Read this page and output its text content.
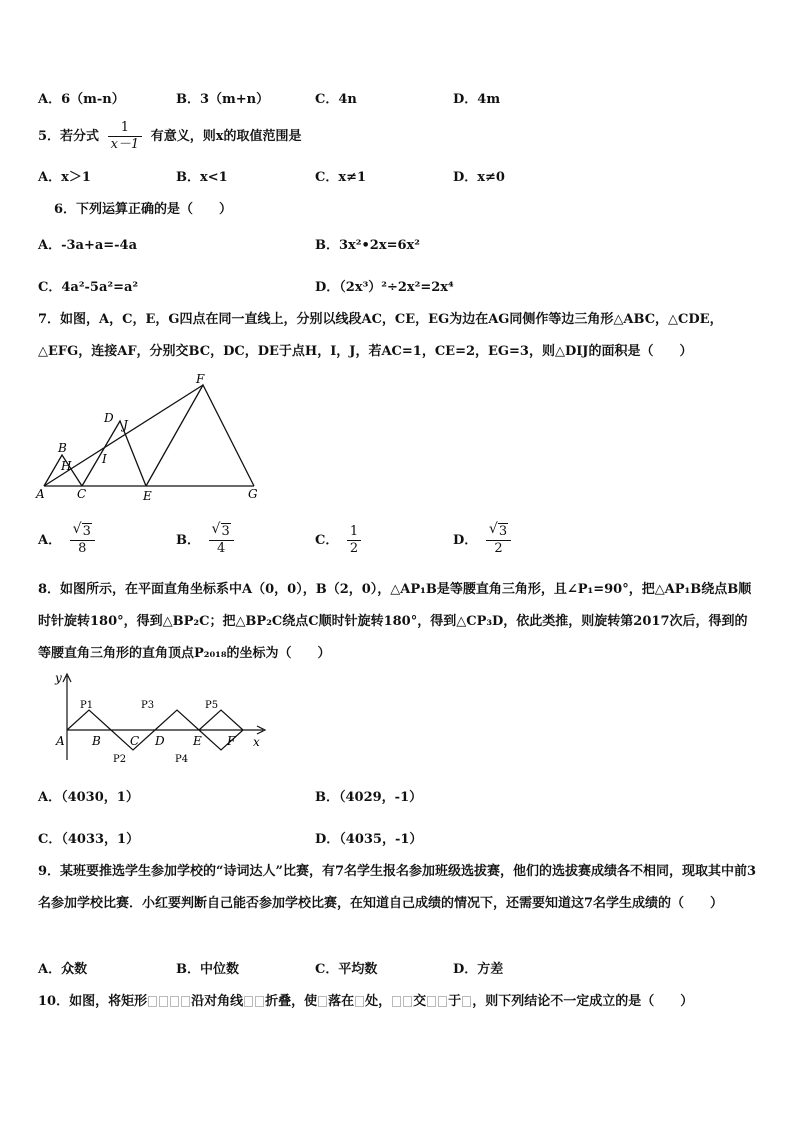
A．6（m-n）	B．3（m+n）	C．4n	D．4m
5．若分式 $\frac{1}{x-1}$ 有意义，则x的取值范围是
A．x＞1	B．x<1	C．x≠1	D．x≠0
6．下列运算正确的是（　　）
A．-3a+a=-4a	B．3x²•2x=6x²
C．4a²-5a²=a²	D．（2x³）²÷2x²=2x⁴
7．如图，A，C，E，G四点在同一直线上，分别以线段AC，CE，EG为边在AG同侧作等边三角形△ABC，△CDE，△EFG，连接AF，分别交BC，DC，DE于点H，I，J，若AC=1，CE=2，EG=3，则△DIJ的面积是（　　）
A
B
C
D
E
F
G
H	I
J
A． $\frac{√ 3}{8}$	B． $\frac{√ 3}{4}$	C． $\frac{1}{2}$	D． $\frac{√ 3}{2}$
8．如图所示，在平面直角坐标系中A（0，0），B（2，0），△AP₁B是等腰直角三角形，且∠P₁=90°，把△AP₁B绕点B顺时针旋转180°，得到△BP₂C；把△BP₂C绕点C顺时针旋转180°，得到△CP₃D，依此类推，则旋转第2017次后，得到的等腰直角三角形的直角顶点P₂₀₁₈的坐标为（　　）
y
x
A B C D E F
P1
P2
P3
P4
P5
A．（4030，1）	B．（4029，-1）
C．（4033，1）	D．（4035，-1）
9．某班要推选学生参加学校的“诗词达人”比赛，有7名学生报名参加班级选拔赛，他们的选拔赛成绩各不相同，现取其中前3名参加学校比赛．小红要判断自己能否参加学校比赛，在知道自己成绩的情况下，还需要知道这7名学生成绩的（　　）
A．众数	B．中位数	C．平均数	D．方差
10．如图，将矩形	沿对角线 折叠，使 落在 处， 交 于 ，则下列结论不一定成立的是（　　）
